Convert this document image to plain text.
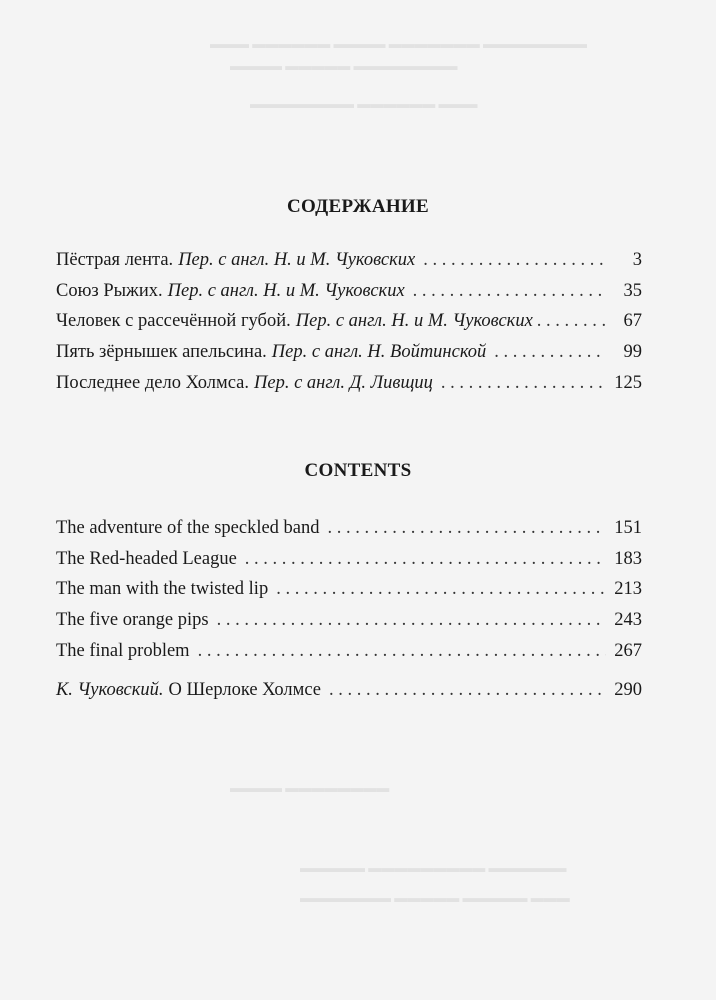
▬▬▬ ▬▬▬▬▬▬ ▬▬▬▬ ▬▬▬▬▬▬▬ ▬▬▬▬▬▬▬▬
▬▬▬▬ ▬▬▬▬▬ ▬▬▬▬▬▬▬▬
▬▬▬▬▬▬▬▬ ▬▬▬▬▬▬ ▬▬▬
▬▬▬▬ ▬▬▬▬▬▬▬▬
▬▬▬▬▬ ▬▬▬▬▬▬▬▬▬ ▬▬▬▬▬▬
▬▬▬▬▬▬▬ ▬▬▬▬▬ ▬▬▬▬▬ ▬▬▬
СОДЕРЖАНИЕ
Пёстрая лента. Пер. с англ. Н. и М. Чуковских . . .	3
Союз Рыжих. Пер. с англ. Н. и М. Чуковских . . .	35
Человек с рассечённой губой. Пер. с англ. Н. и М. Чуковских . . .	67
Пять зёрнышек апельсина. Пер. с англ. Н. Войтинской . . .	99
Последнее дело Холмса. Пер. с англ. Д. Ливщиц . . .	125
CONTENTS
The adventure of the speckled band . . .	151
The Red-headed League . . .	183
The man with the twisted lip . . .	213
The five orange pips . . .	243
The final problem . . .	267
К. Чуковский. О Шерлоке Холмсе . . .	290
